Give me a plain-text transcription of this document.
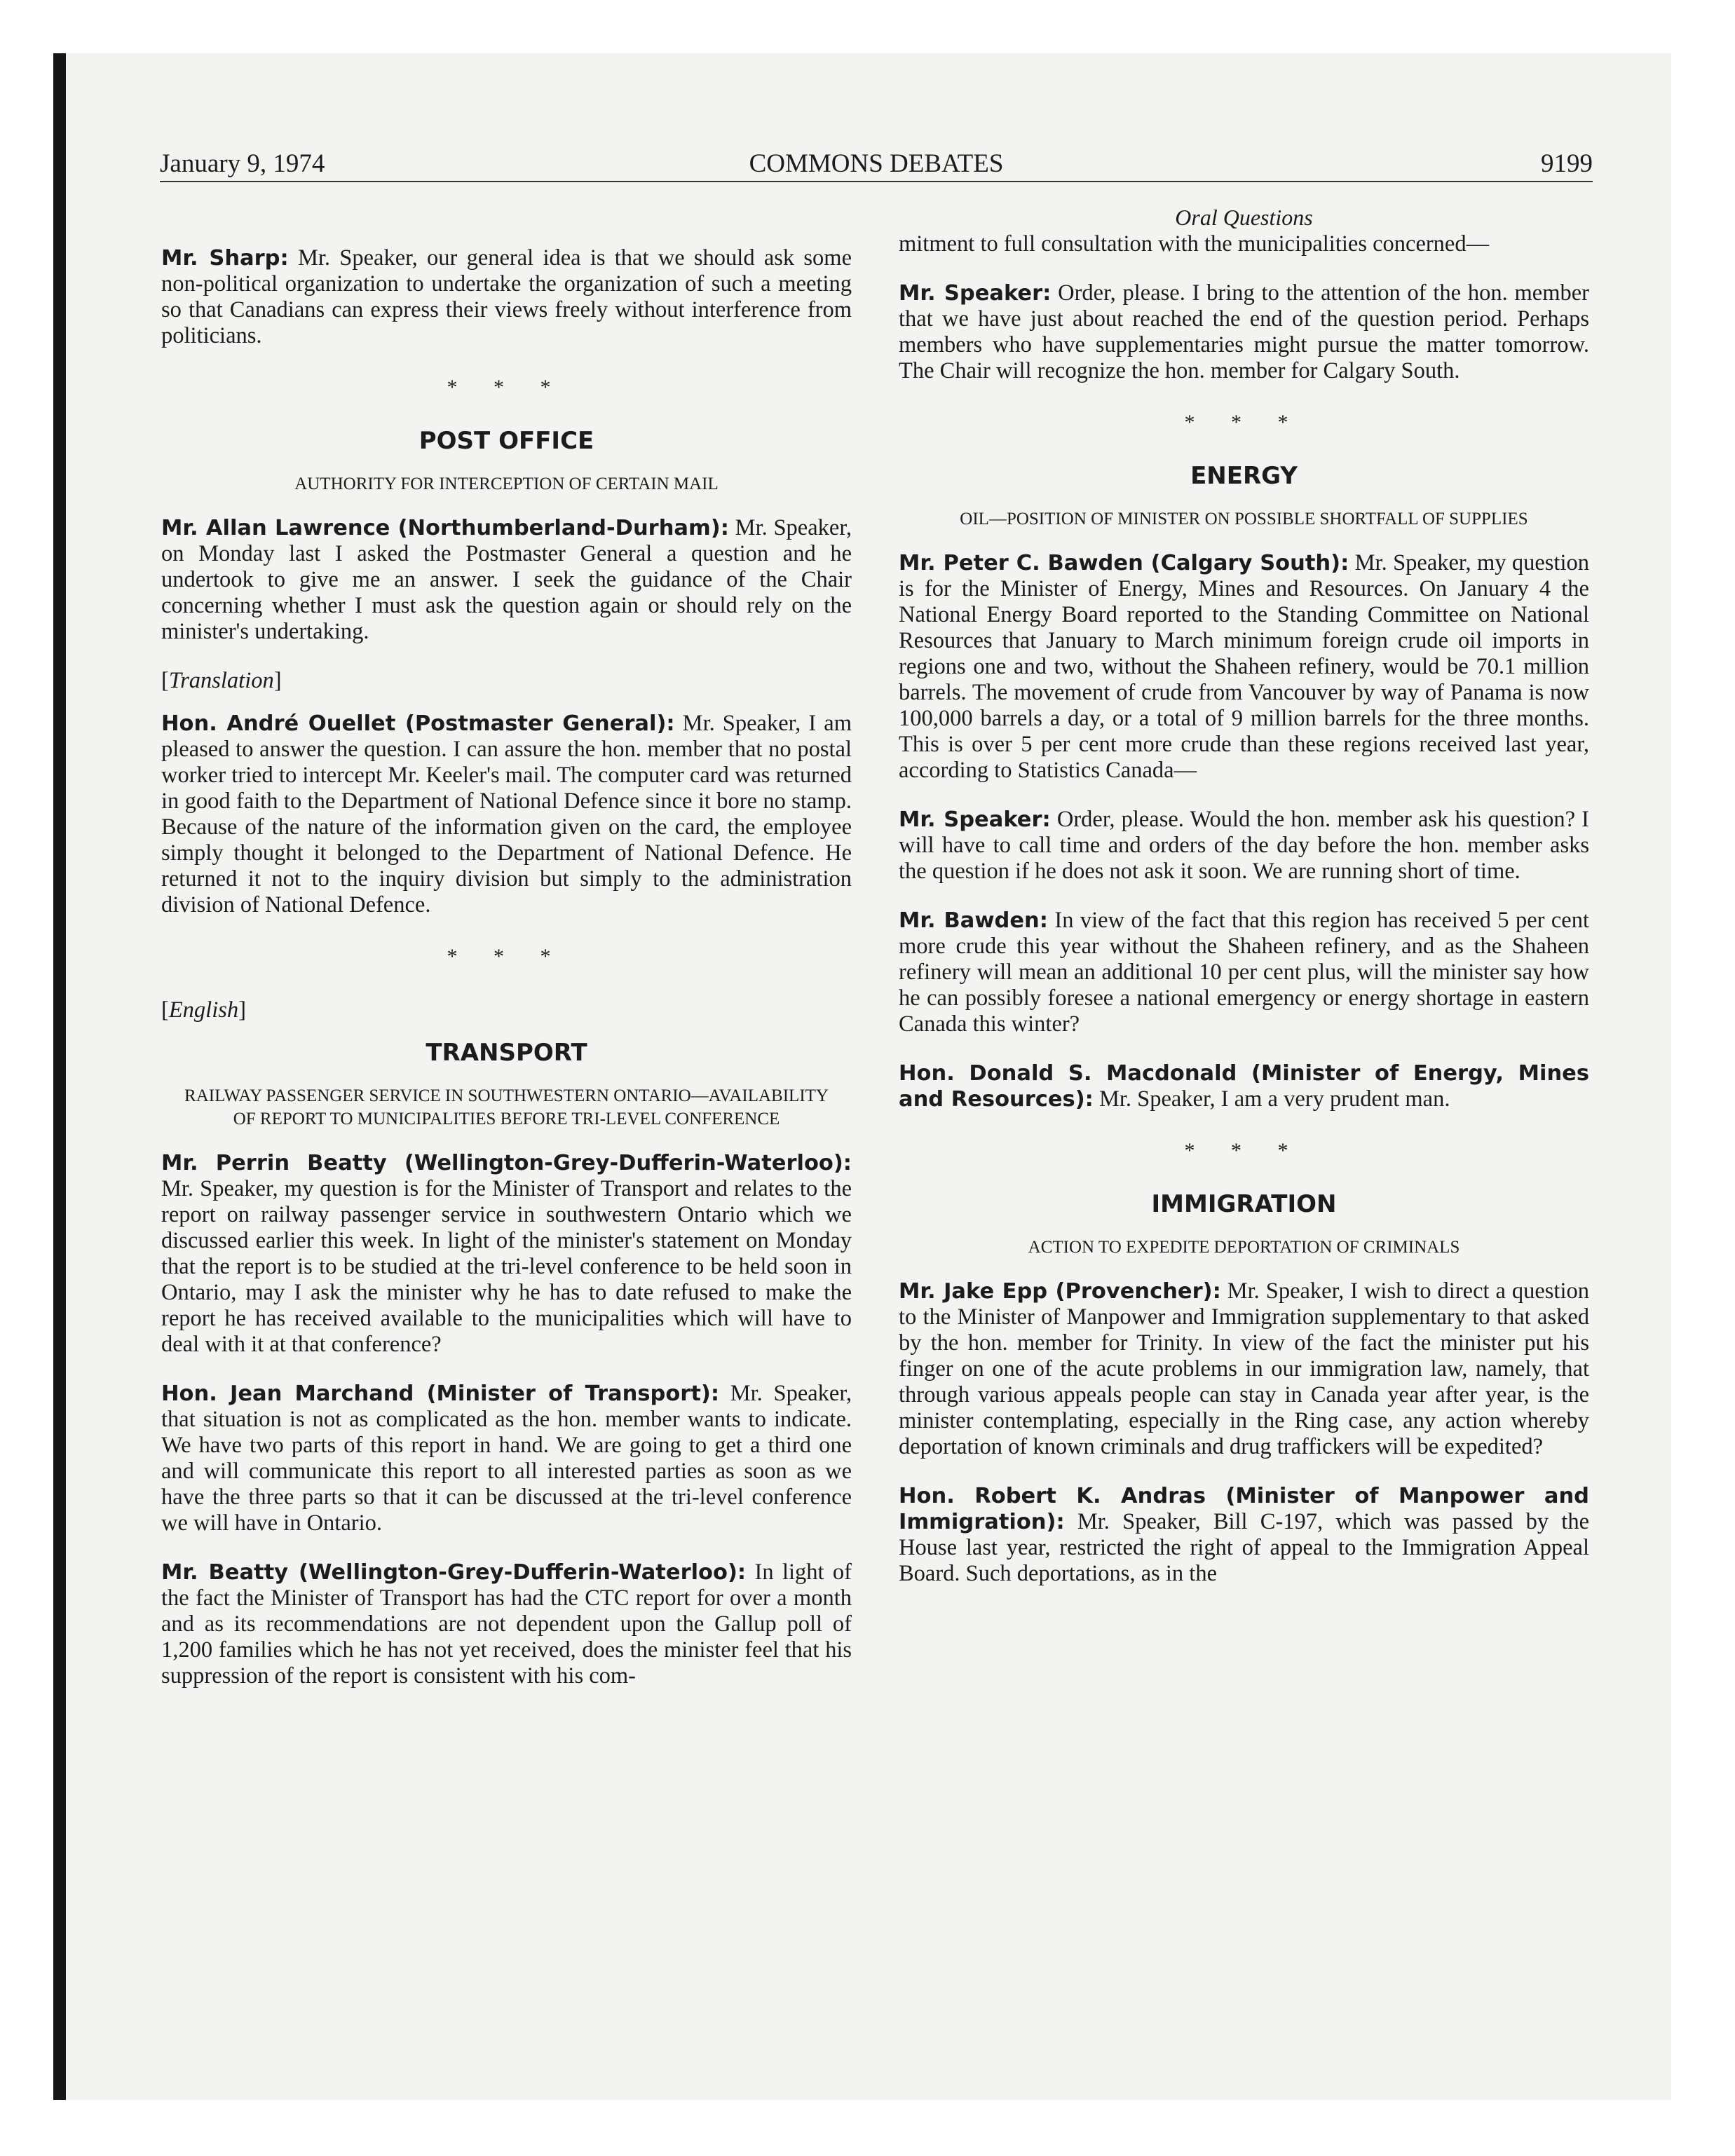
January 9, 1974	COMMONS DEBATES	9199

Mr. Sharp: Mr. Speaker, our general idea is that we should ask some non-political organization to undertake the organization of such a meeting so that Canadians can express their views freely without interference from politicians.

* * *
POST OFFICE
AUTHORITY FOR INTERCEPTION OF CERTAIN MAIL

Mr. Allan Lawrence (Northumberland-Durham): Mr. Speaker, on Monday last I asked the Postmaster General a question and he undertook to give me an answer. I seek the guidance of the Chair concerning whether I must ask the question again or should rely on the minister's undertaking.

[Translation]

Hon. André Ouellet (Postmaster General): Mr. Speaker, I am pleased to answer the question. I can assure the hon. member that no postal worker tried to intercept Mr. Keeler's mail. The computer card was returned in good faith to the Department of National Defence since it bore no stamp. Because of the nature of the information given on the card, the employee simply thought it belonged to the Department of National Defence. He returned it not to the inquiry division but simply to the administration division of National Defence.

* * *
[English]
TRANSPORT
RAILWAY PASSENGER SERVICE IN SOUTHWESTERN ONTARIO—AVAILABILITY OF REPORT TO MUNICIPALITIES BEFORE TRI-LEVEL CONFERENCE

Mr. Perrin Beatty (Wellington-Grey-Dufferin-Waterloo): Mr. Speaker, my question is for the Minister of Transport and relates to the report on railway passenger service in southwestern Ontario which we discussed earlier this week. In light of the minister's statement on Monday that the report is to be studied at the tri-level conference to be held soon in Ontario, may I ask the minister why he has to date refused to make the report he has received available to the municipalities which will have to deal with it at that conference?

Hon. Jean Marchand (Minister of Transport): Mr. Speaker, that situation is not as complicated as the hon. member wants to indicate. We have two parts of this report in hand. We are going to get a third one and will communicate this report to all interested parties as soon as we have the three parts so that it can be discussed at the tri-level conference we will have in Ontario.

Mr. Beatty (Wellington-Grey-Dufferin-Waterloo): In light of the fact the Minister of Transport has had the CTC report for over a month and as its recommendations are not dependent upon the Gallup poll of 1,200 families which he has not yet received, does the minister feel that his suppression of the report is consistent with his com-

Oral Questions

mitment to full consultation with the municipalities concerned—

Mr. Speaker: Order, please. I bring to the attention of the hon. member that we have just about reached the end of the question period. Perhaps members who have supplementaries might pursue the matter tomorrow. The Chair will recognize the hon. member for Calgary South.

* * *
ENERGY
OIL—POSITION OF MINISTER ON POSSIBLE SHORTFALL OF SUPPLIES

Mr. Peter C. Bawden (Calgary South): Mr. Speaker, my question is for the Minister of Energy, Mines and Resources. On January 4 the National Energy Board reported to the Standing Committee on National Resources that January to March minimum foreign crude oil imports in regions one and two, without the Shaheen refinery, would be 70.1 million barrels. The movement of crude from Vancouver by way of Panama is now 100,000 barrels a day, or a total of 9 million barrels for the three months. This is over 5 per cent more crude than these regions received last year, according to Statistics Canada—

Mr. Speaker: Order, please. Would the hon. member ask his question? I will have to call time and orders of the day before the hon. member asks the question if he does not ask it soon. We are running short of time.

Mr. Bawden: In view of the fact that this region has received 5 per cent more crude this year without the Shaheen refinery, and as the Shaheen refinery will mean an additional 10 per cent plus, will the minister say how he can possibly foresee a national emergency or energy shortage in eastern Canada this winter?

Hon. Donald S. Macdonald (Minister of Energy, Mines and Resources): Mr. Speaker, I am a very prudent man.

* * *
IMMIGRATION
ACTION TO EXPEDITE DEPORTATION OF CRIMINALS

Mr. Jake Epp (Provencher): Mr. Speaker, I wish to direct a question to the Minister of Manpower and Immigration supplementary to that asked by the hon. member for Trinity. In view of the fact the minister put his finger on one of the acute problems in our immigration law, namely, that through various appeals people can stay in Canada year after year, is the minister contemplating, especially in the Ring case, any action whereby deportation of known criminals and drug traffickers will be expedited?

Hon. Robert K. Andras (Minister of Manpower and Immigration): Mr. Speaker, Bill C-197, which was passed by the House last year, restricted the right of appeal to the Immigration Appeal Board. Such deportations, as in the
